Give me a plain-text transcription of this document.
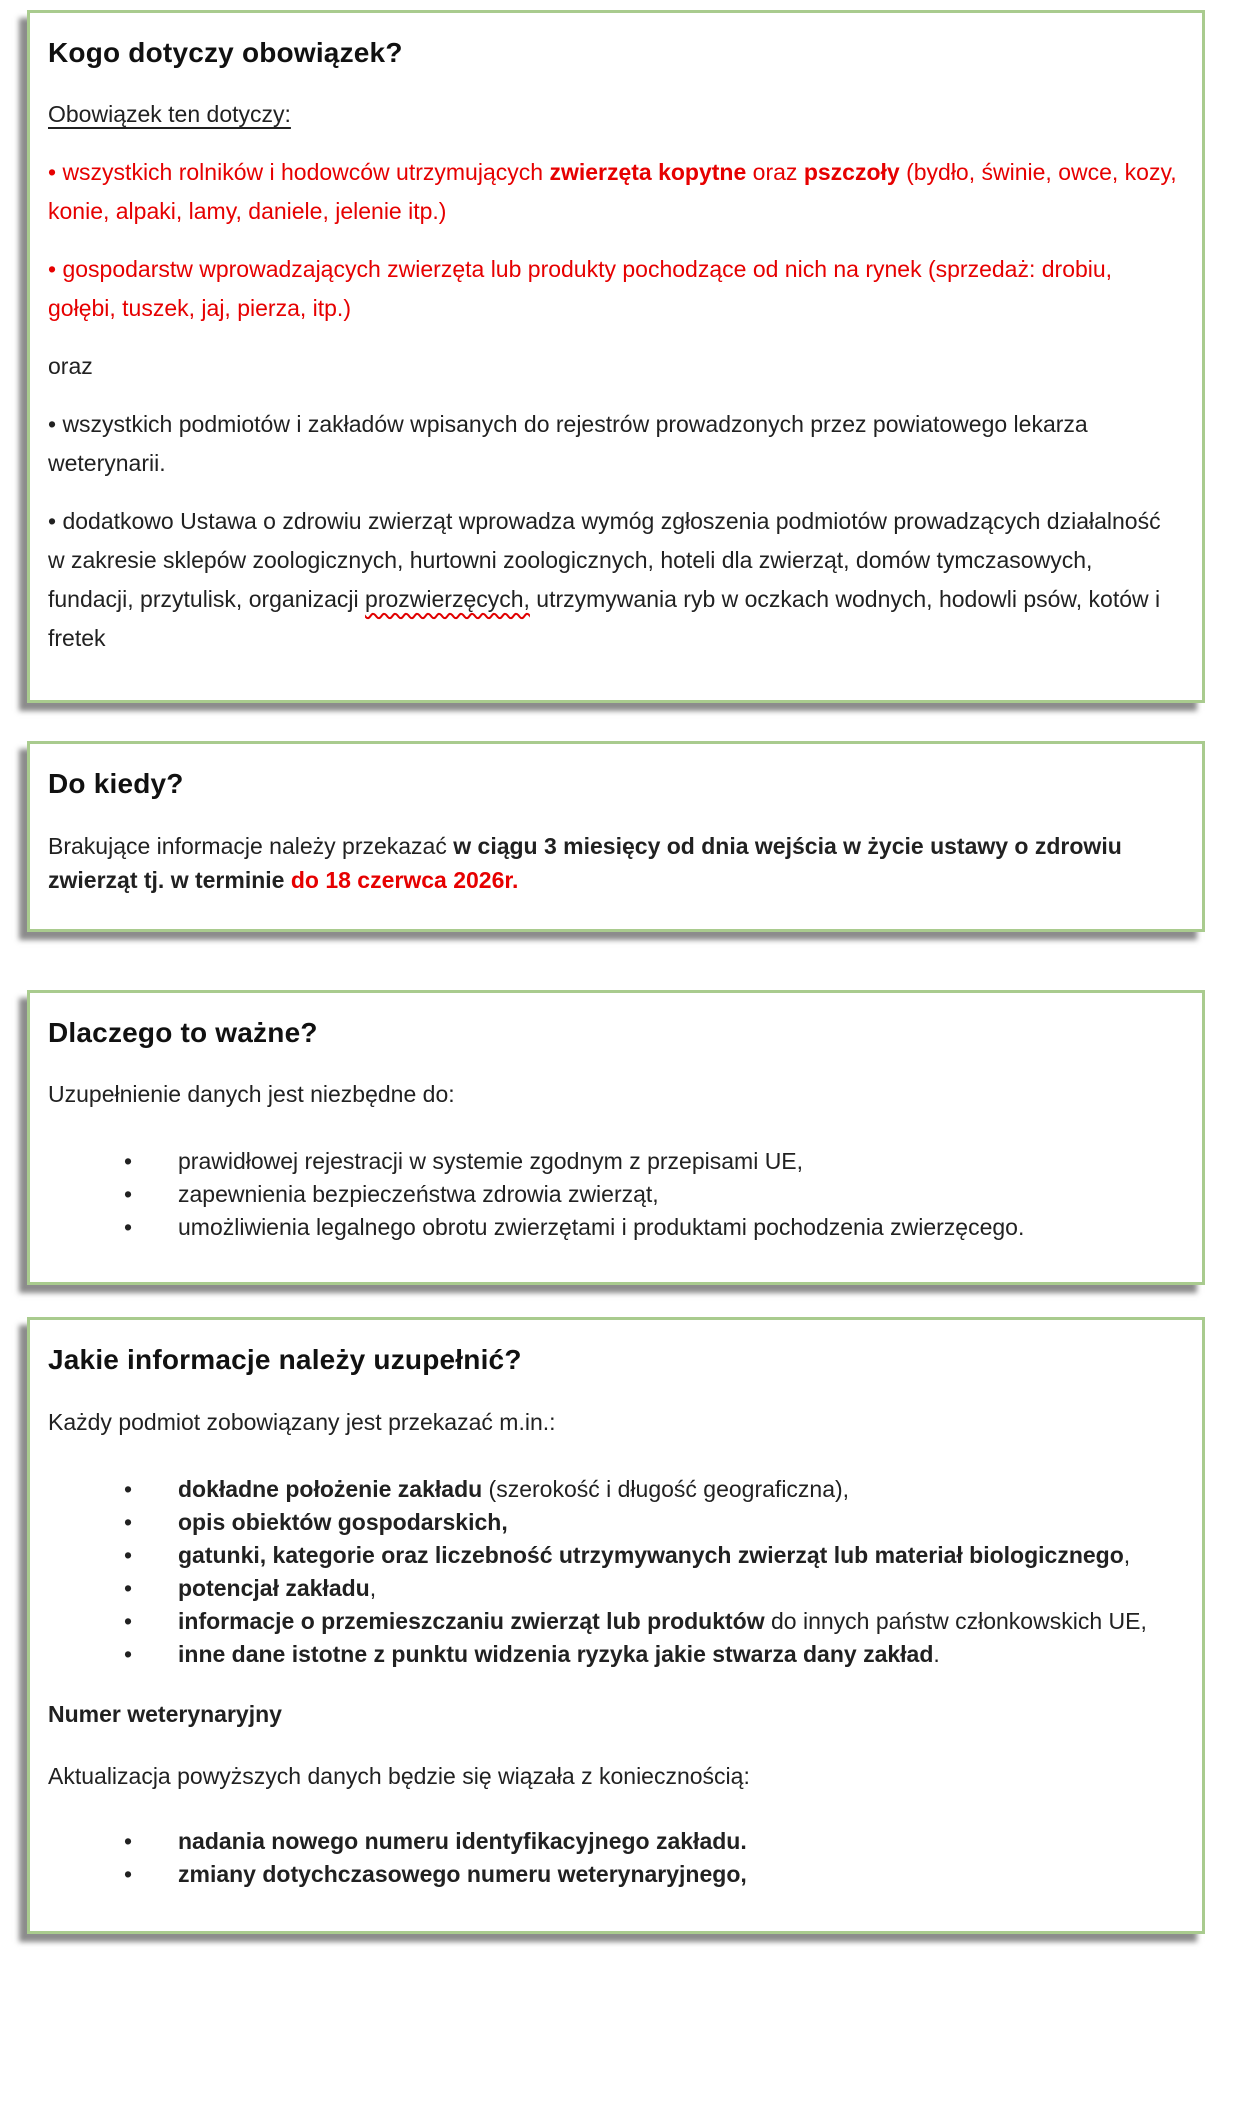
Kogo dotyczy obowiązek?

Obowiązek ten dotyczy:

• wszystkich rolników i hodowców utrzymujących zwierzęta kopytne oraz pszczoły (bydło, świnie, owce, kozy, konie, alpaki, lamy, daniele, jelenie itp.)

• gospodarstw wprowadzających zwierzęta lub produkty pochodzące od nich na rynek (sprzedaż: drobiu, gołębi, tuszek, jaj, pierza, itp.)

oraz

• wszystkich podmiotów i zakładów wpisanych do rejestrów prowadzonych przez powiatowego lekarza weterynarii.

• dodatkowo Ustawa o zdrowiu zwierząt wprowadza wymóg zgłoszenia podmiotów prowadzących działalność w zakresie sklepów zoologicznych, hurtowni zoologicznych, hoteli dla zwierząt, domów tymczasowych, fundacji, przytulisk, organizacji prozwierzęcych, utrzymywania ryb w oczkach wodnych, hodowli psów, kotów i fretek

Do kiedy?

Brakujące informacje należy przekazać w ciągu 3 miesięcy od dnia wejścia w życie ustawy o zdrowiu zwierząt tj. w terminie do 18 czerwca 2026r.

Dlaczego to ważne?

Uzupełnienie danych jest niezbędne do:

• prawidłowej rejestracji w systemie zgodnym z przepisami UE,
• zapewnienia bezpieczeństwa zdrowia zwierząt,
• umożliwienia legalnego obrotu zwierzętami i produktami pochodzenia zwierzęcego.
Jakie informacje należy uzupełnić?

Każdy podmiot zobowiązany jest przekazać m.in.:

• dokładne położenie zakładu (szerokość i długość geograficzna),
• opis obiektów gospodarskich,
• gatunki, kategorie oraz liczebność utrzymywanych zwierząt lub materiał biologicznego,
• potencjał zakładu,
• informacje o przemieszczaniu zwierząt lub produktów do innych państw członkowskich UE,
• inne dane istotne z punktu widzenia ryzyka jakie stwarza dany zakład.

Numer weterynaryjny

Aktualizacja powyższych danych będzie się wiązała z koniecznością:

• nadania nowego numeru identyfikacyjnego zakładu.
• zmiany dotychczasowego numeru weterynaryjnego,
